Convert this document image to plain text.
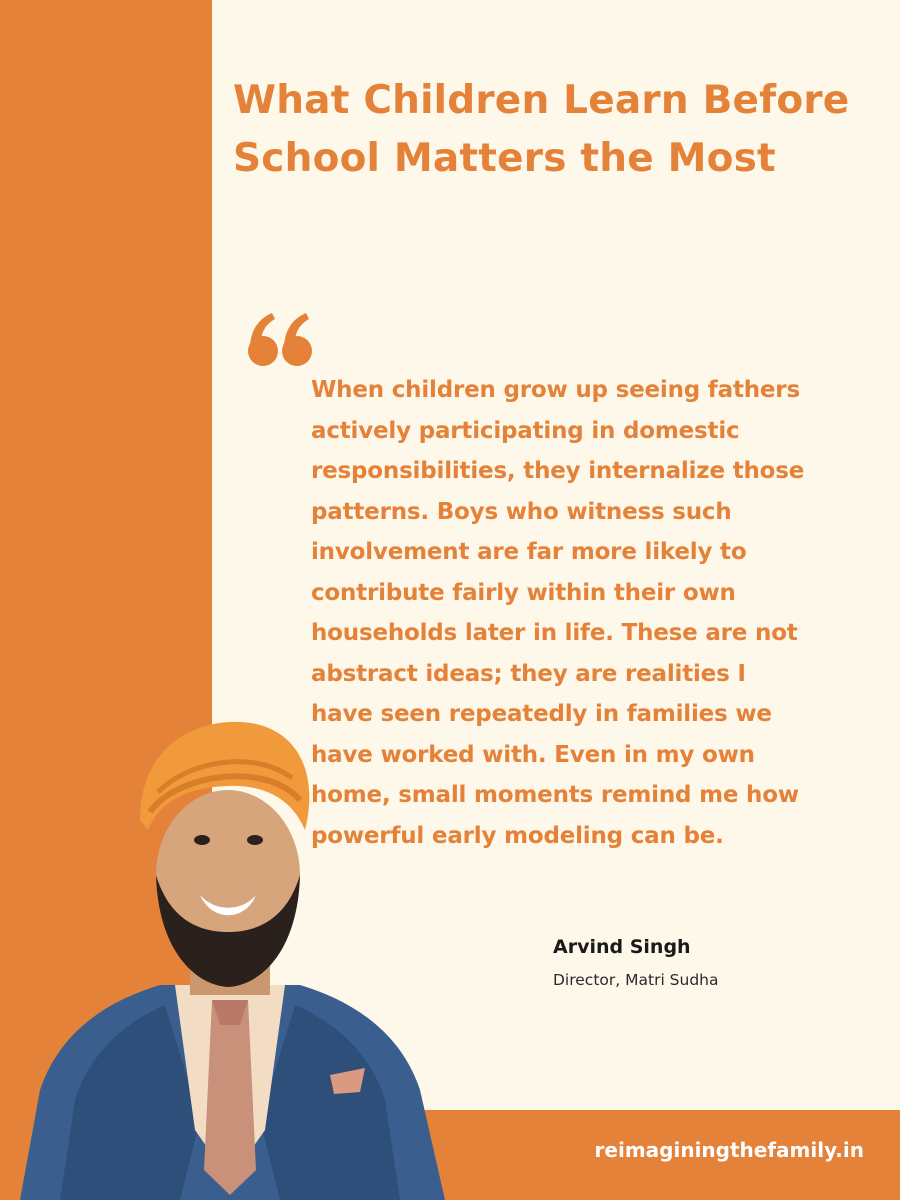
What Children Learn Before School Matters the Most

When children grow up seeing fathers actively participating in domestic responsibilities, they internalize those patterns. Boys who witness such involvement are far more likely to contribute fairly within their own households later in life. These are not abstract ideas; they are realities I have seen repeatedly in families we have worked with. Even in my own home, small moments remind me how powerful early modeling can be.

Arvind Singh

Director, Matri Sudha

reimaginingthefamily.in
